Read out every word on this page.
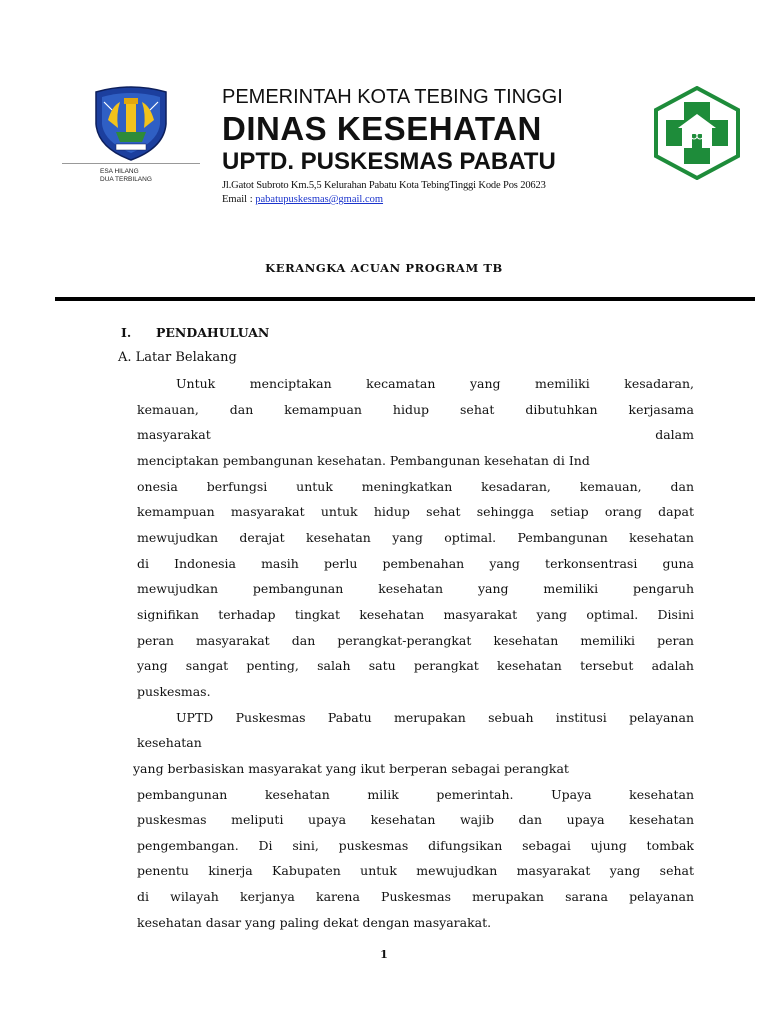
ESA HILANG
DUA TERBILANG
PEMERINTAH KOTA TEBING TINGGI
DINAS KESEHATAN
UPTD. PUSKESMAS PABATU
Jl.Gatot Subroto Km.5,5 Kelurahan Pabatu Kota TebingTinggi Kode Pos 20623
Email : pabatupuskesmas@gmail.com
KERANGKA ACUAN PROGRAM TB
I. PENDAHULUAN
A. Latar Belakang
Untuk menciptakan kecamatan yang memiliki kesadaran,
kemauan, dan kemampuan hidup sehat dibutuhkan kerjasama
masyarakat dalam
menciptakan pembangunan kesehatan. Pembangunan kesehatan di Ind
onesia berfungsi untuk meningkatkan kesadaran, kemauan, dan
kemampuan masyarakat untuk hidup sehat sehingga setiap orang dapat
mewujudkan derajat kesehatan yang optimal. Pembangunan kesehatan
di Indonesia masih perlu pembenahan yang terkonsentrasi guna
mewujudkan pembangunan kesehatan yang memiliki pengaruh
signifikan terhadap tingkat kesehatan masyarakat yang optimal. Disini
peran masyarakat dan perangkat-perangkat kesehatan memiliki peran
yang sangat penting, salah satu perangkat kesehatan tersebut adalah
puskesmas.
UPTD Puskesmas Pabatu merupakan sebuah institusi pelayanan
kesehatan
yang berbasiskan masyarakat yang ikut berperan sebagai perangkat
pembangunan kesehatan milik pemerintah. Upaya kesehatan
puskesmas meliputi upaya kesehatan wajib dan upaya kesehatan
pengembangan. Di sini, puskesmas difungsikan sebagai ujung tombak
penentu kinerja Kabupaten untuk mewujudkan masyarakat yang sehat
di wilayah kerjanya karena Puskesmas merupakan sarana pelayanan
kesehatan dasar yang paling dekat dengan masyarakat.
1
